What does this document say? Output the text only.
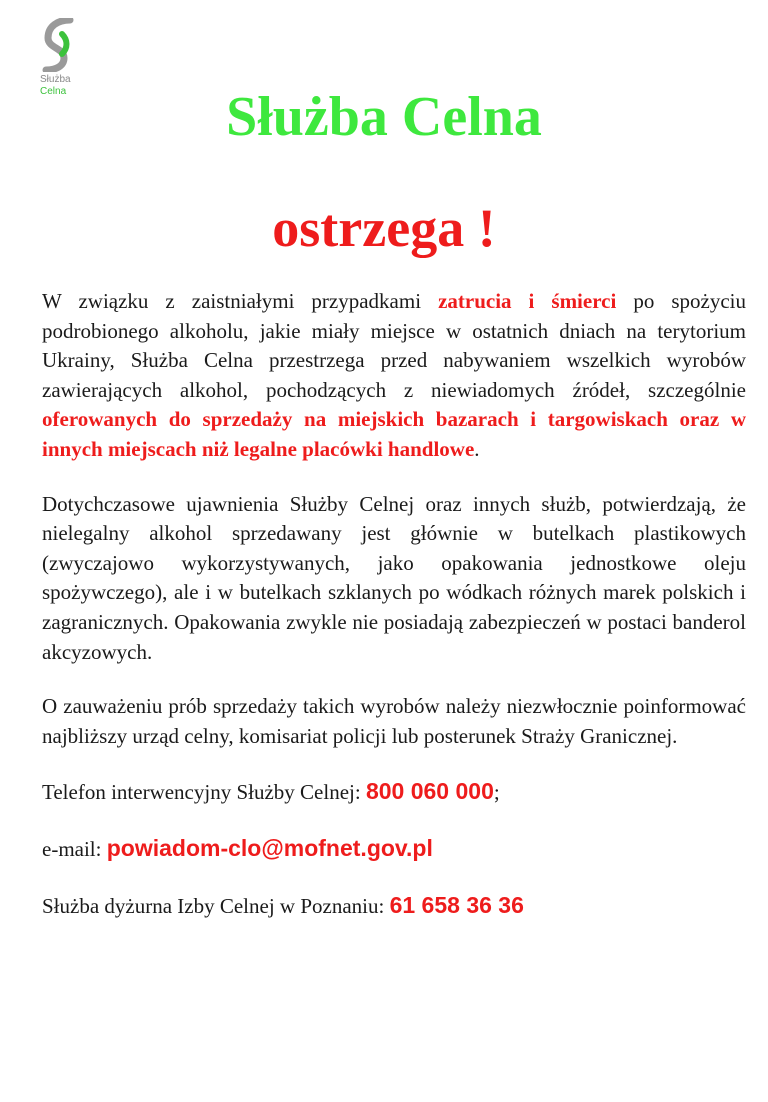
Służba
Celna	Służba Celna
ostrzega !

W związku z zaistniałymi przypadkami zatrucia i śmierci po spożyciu podrobionego alkoholu, jakie miały miejsce w ostatnich dniach na terytorium Ukrainy, Służba Celna przestrzega przed nabywaniem wszelkich wyrobów zawierających alkohol, pochodzących z niewiadomych źródeł, szczególnie oferowanych do sprzedaży na miejskich bazarach i targowiskach oraz w innych miejscach niż legalne placówki handlowe.

Dotychczasowe ujawnienia Służby Celnej oraz innych służb, potwierdzają, że nielegalny alkohol sprzedawany jest głównie w butelkach plastikowych (zwyczajowo wykorzystywanych, jako opakowania jednostkowe oleju spożywczego), ale i w butelkach szklanych po wódkach różnych marek polskich i zagranicznych. Opakowania zwykle nie posiadają zabezpieczeń w postaci banderol akcyzowych.

O zauważeniu prób sprzedaży takich wyrobów należy niezwłocznie poinformować najbliższy urząd celny, komisariat policji lub posterunek Straży Granicznej.

Telefon interwencyjny Służby Celnej: 800 060 000;

e-mail: powiadom-clo@mofnet.gov.pl

Służba dyżurna Izby Celnej w Poznaniu: 61 658 36 36
